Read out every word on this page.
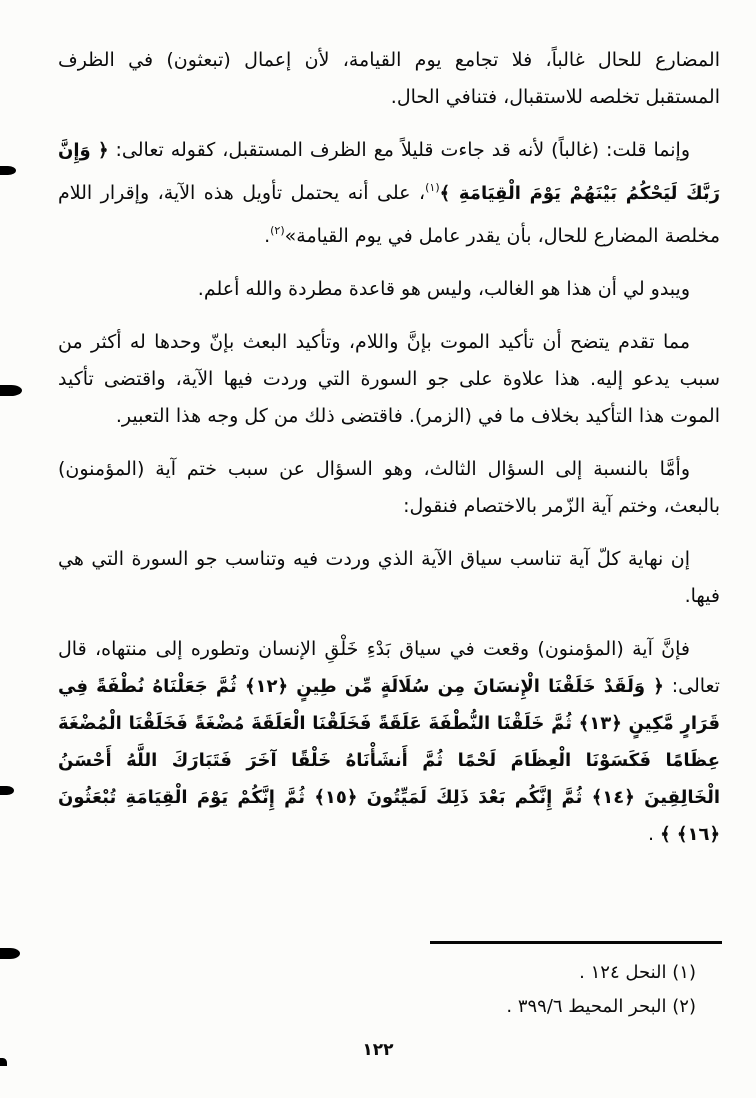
المضارع للحال غالباً، فلا تجامع يوم القيامة، لأن إعمال (تبعثون) في الظرف المستقبل تخلصه للاستقبال، فتنافي الحال.

وإنما قلت: (غالباً) لأنه قد جاءت قليلاً مع الظرف المستقبل، كقوله تعالى: ﴿ وَإِنَّ رَبَّكَ لَيَحْكُمُ بَيْنَهُمْ يَوْمَ الْقِيَامَةِ ﴾$^{(١)}$، على أنه يحتمل تأويل هذه الآية، وإقرار اللام مخلصة المضارع للحال، بأن يقدر عامل في يوم القيامة»$^{(٢)}$.

ويبدو لي أن هذا هو الغالب، وليس هو قاعدة مطردة والله أعلم.

مما تقدم يتضح أن تأكيد الموت بإنَّ واللام، وتأكيد البعث بإنّ وحدها له أكثر من سبب يدعو إليه. هذا علاوة على جو السورة التي وردت فيها الآية، واقتضى تأكيد الموت هذا التأكيد بخلاف ما في (الزمر). فاقتضى ذلك من كل وجه هذا التعبير.

وأمَّا بالنسبة إلى السؤال الثالث، وهو السؤال عن سبب ختم آية (المؤمنون) بالبعث، وختم آية الزّمر بالاختصام فنقول:

إن نهاية كلّ آية تناسب سياق الآية الذي وردت فيه وتناسب جو السورة التي هي فيها.

فإنَّ آية (المؤمنون) وقعت في سياق بَدْءِ خَلْقِ الإنسان وتطوره إلى منتهاه، قال تعالى: ﴿ وَلَقَدْ خَلَقْنَا الْإِنسَانَ مِن سُلَالَةٍ مِّن طِينٍ ﴿١٢﴾ ثُمَّ جَعَلْنَاهُ نُطْفَةً فِي قَرَارٍ مَّكِينٍ ﴿١٣﴾ ثُمَّ خَلَقْنَا النُّطْفَةَ عَلَقَةً فَخَلَقْنَا الْعَلَقَةَ مُضْغَةً فَخَلَقْنَا الْمُضْغَةَ عِظَامًا فَكَسَوْنَا الْعِظَامَ لَحْمًا ثُمَّ أَنشَأْنَاهُ خَلْقًا آخَرَ فَتَبَارَكَ اللَّهُ أَحْسَنُ الْخَالِقِينَ ﴿١٤﴾ ثُمَّ إِنَّكُم بَعْدَ ذَلِكَ لَمَيِّتُونَ ﴿١٥﴾ ثُمَّ إِنَّكُمْ يَوْمَ الْقِيَامَةِ تُبْعَثُونَ ﴿١٦﴾ ﴾ .

(١) النحل ١٢٤ .
(٢) البحر المحيط ٣٩٩/٦ .
١٢٢
